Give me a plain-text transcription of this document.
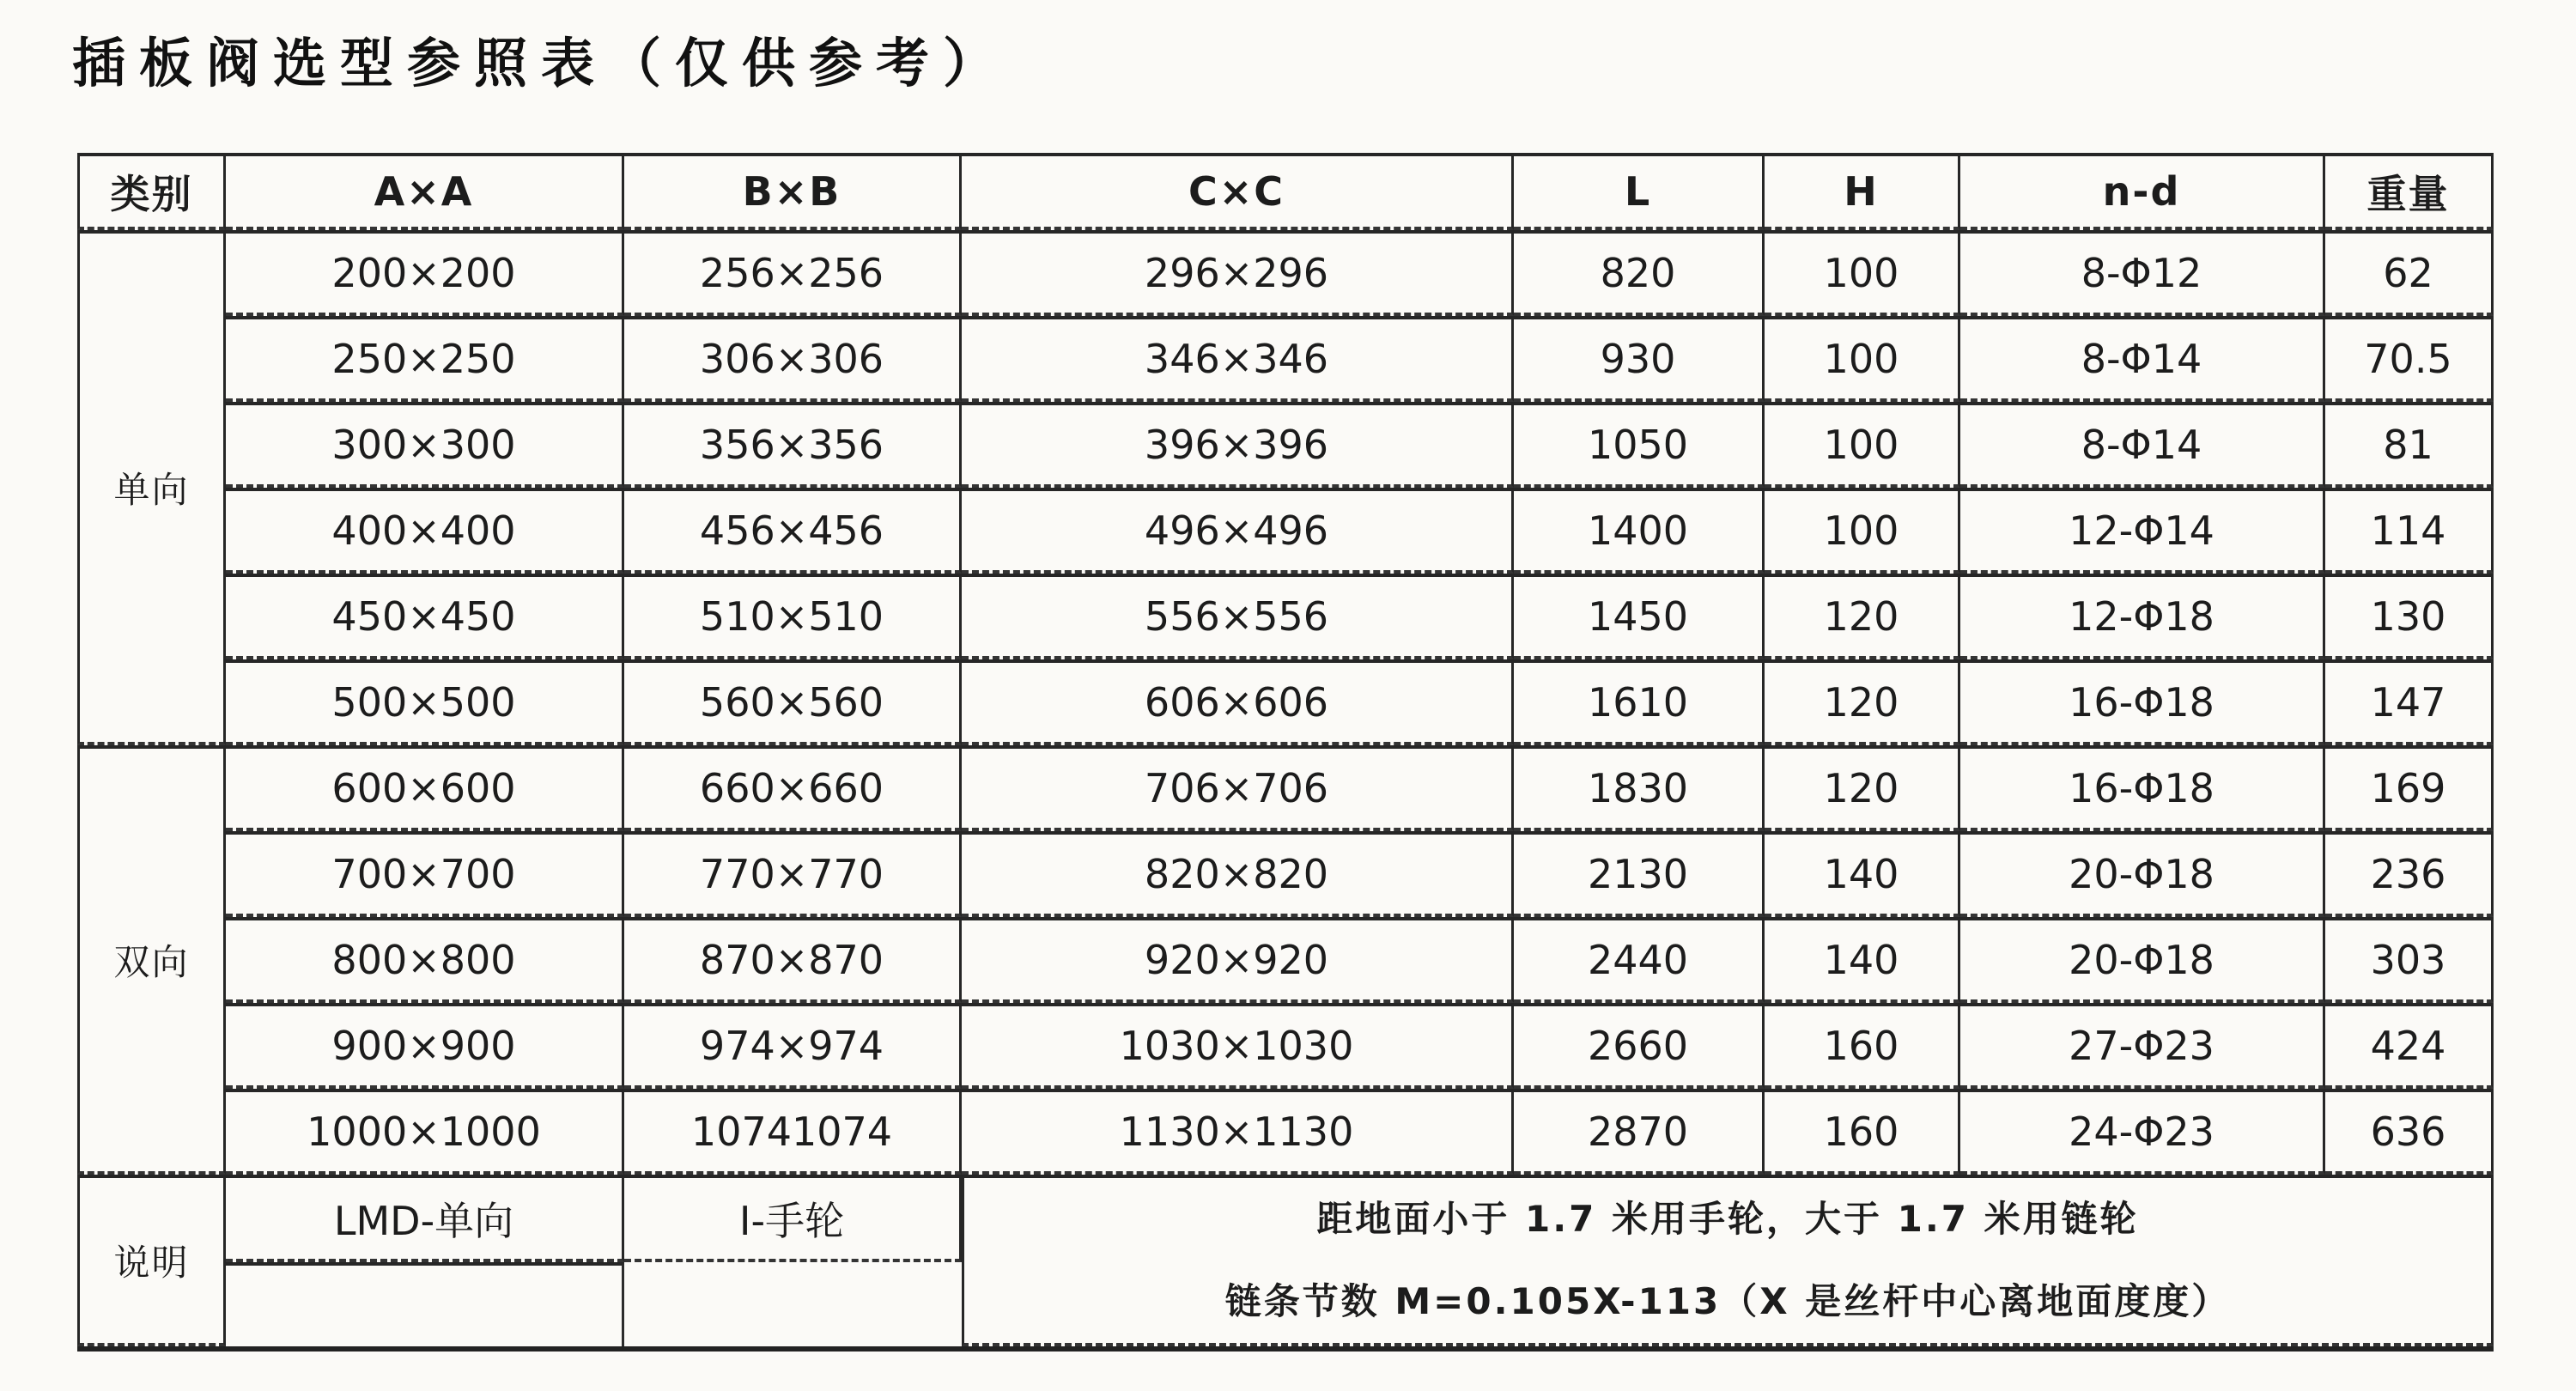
插板阀选型参照表（仅供参考）
类别	A×A	B×B	C×C	L	H	n-d	重量
单向	200×200	256×256	296×296	820	100	8-Φ12	62
	250×250	306×306	346×346	930	100	8-Φ14	70.5
	300×300	356×356	396×396	1050	100	8-Φ14	81
	400×400	456×456	496×496	1400	100	12-Φ14	114
	450×450	510×510	556×556	1450	120	12-Φ18	130
	500×500	560×560	606×606	1610	120	16-Φ18	147
双向	600×600	660×660	706×706	1830	120	16-Φ18	169
	700×700	770×770	820×820	2130	140	20-Φ18	236
	800×800	870×870	920×920	2440	140	20-Φ18	303
	900×900	974×974	1030×1030	2660	160	27-Φ23	424
	1000×1000	10741074	1130×1130	2870	160	24-Φ23	636
说明	LMD-单向	I-手轮	距地面小于 1.7 米用手轮，大于 1.7 米用链轮
链条节数 M=0.105X-113（X 是丝杆中心离地面度度）				
